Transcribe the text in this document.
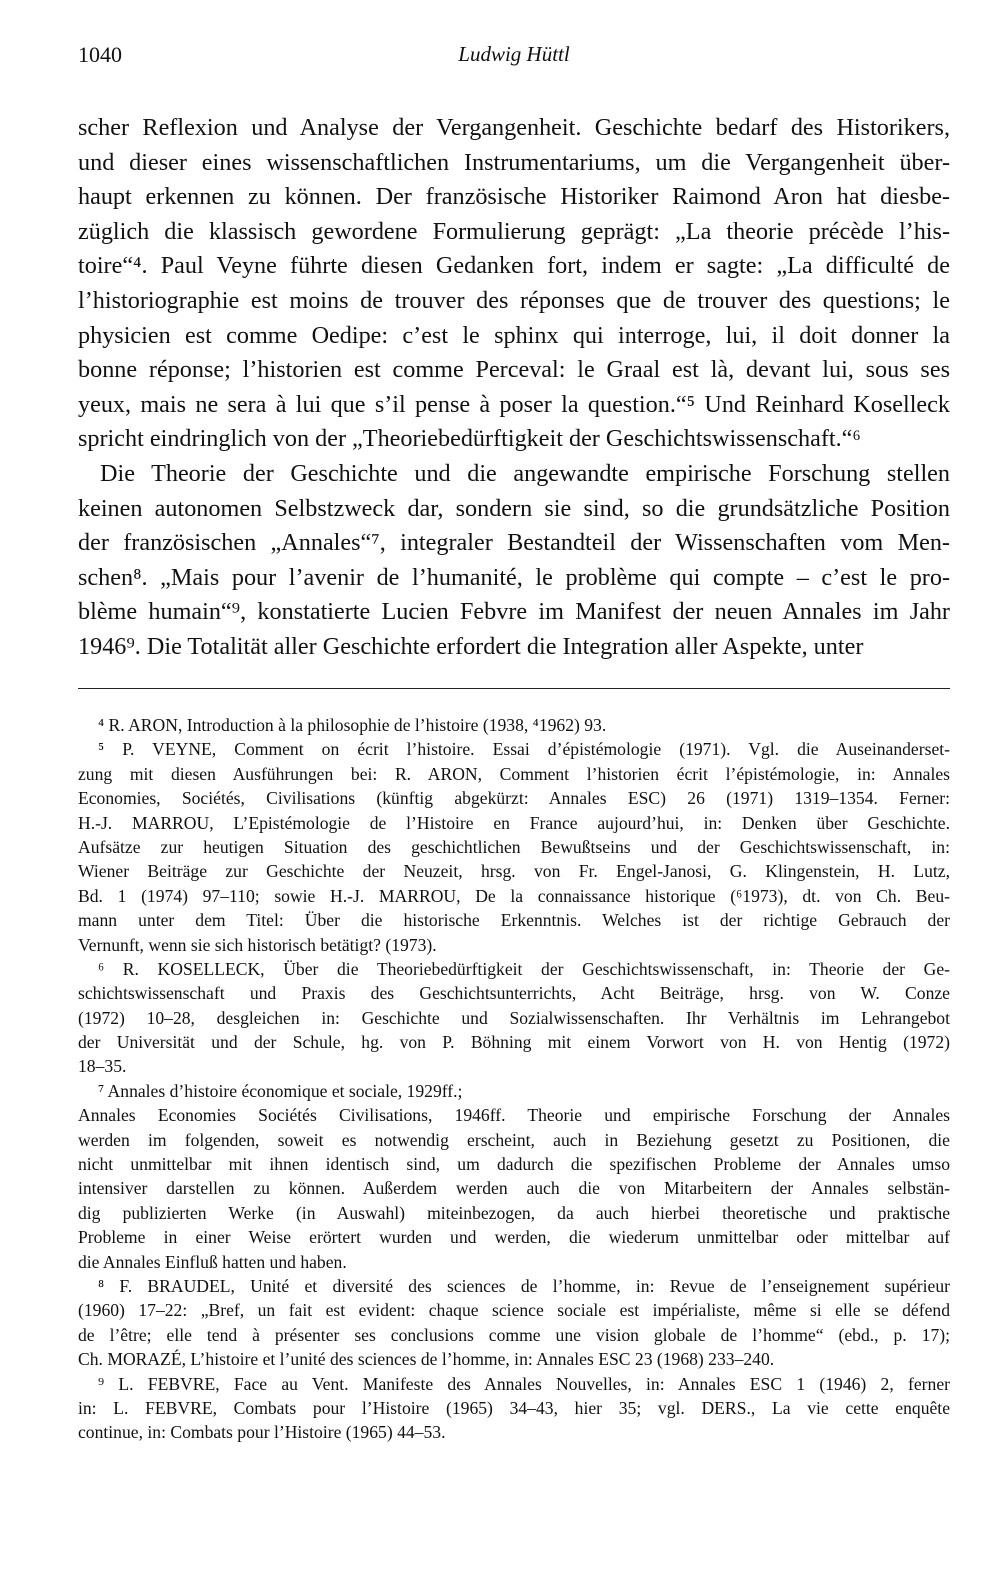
1040	Ludwig Hüttl
scher Reflexion und Analyse der Vergangenheit. Geschichte bedarf des Historikers,
und dieser eines wissenschaftlichen Instrumentariums, um die Vergangenheit über-
haupt erkennen zu können. Der französische Historiker Raimond Aron hat diesbe-
züglich die klassisch gewordene Formulierung geprägt: „La theorie précède l’his-
toire“⁴. Paul Veyne führte diesen Gedanken fort, indem er sagte: „La difficulté de
l’historiographie est moins de trouver des réponses que de trouver des questions; le
physicien est comme Oedipe: c’est le sphinx qui interroge, lui, il doit donner la
bonne réponse; l’historien est comme Perceval: le Graal est là, devant lui, sous ses
yeux, mais ne sera à lui que s’il pense à poser la question.“⁵ Und Reinhard Koselleck
spricht eindringlich von der „Theoriebedürftigkeit der Geschichtswissenschaft.“⁶
Die Theorie der Geschichte und die angewandte empirische Forschung stellen
keinen autonomen Selbstzweck dar, sondern sie sind, so die grundsätzliche Position
der französischen „Annales“⁷, integraler Bestandteil der Wissenschaften vom Men-
schen⁸. „Mais pour l’avenir de l’humanité, le problème qui compte – c’est le pro-
blème humain“⁹, konstatierte Lucien Febvre im Manifest der neuen Annales im Jahr
1946⁹. Die Totalität aller Geschichte erfordert die Integration aller Aspekte, unter
⁴ R. ARON, Introduction à la philosophie de l’histoire (1938, ⁴1962) 93.
⁵ P. VEYNE, Comment on écrit l’histoire. Essai d’épistémologie (1971). Vgl. die Auseinanderset-
zung mit diesen Ausführungen bei: R. ARON, Comment l’historien écrit l’épistémologie, in: Annales
Economies, Sociétés, Civilisations (künftig abgekürzt: Annales ESC) 26 (1971) 1319–1354. Ferner:
H.-J. MARROU, L’Epistémologie de l’Histoire en France aujourd’hui, in: Denken über Geschichte.
Aufsätze zur heutigen Situation des geschichtlichen Bewußtseins und der Geschichtswissenschaft, in:
Wiener Beiträge zur Geschichte der Neuzeit, hrsg. von Fr. Engel-Janosi, G. Klingenstein, H. Lutz,
Bd. 1 (1974) 97–110; sowie H.-J. MARROU, De la connaissance historique (⁶1973), dt. von Ch. Beu-
mann unter dem Titel: Über die historische Erkenntnis. Welches ist der richtige Gebrauch der
Vernunft, wenn sie sich historisch betätigt? (1973).
⁶ R. KOSELLECK, Über die Theoriebedürftigkeit der Geschichtswissenschaft, in: Theorie der Ge-
schichtswissenschaft und Praxis des Geschichtsunterrichts, Acht Beiträge, hrsg. von W. Conze
(1972) 10–28, desgleichen in: Geschichte und Sozialwissenschaften. Ihr Verhältnis im Lehrangebot
der Universität und der Schule, hg. von P. Böhning mit einem Vorwort von H. von Hentig (1972)
18–35.
⁷ Annales d’histoire économique et sociale, 1929ff.;
Annales Economies Sociétés Civilisations, 1946ff. Theorie und empirische Forschung der Annales
werden im folgenden, soweit es notwendig erscheint, auch in Beziehung gesetzt zu Positionen, die
nicht unmittelbar mit ihnen identisch sind, um dadurch die spezifischen Probleme der Annales umso
intensiver darstellen zu können. Außerdem werden auch die von Mitarbeitern der Annales selbstän-
dig publizierten Werke (in Auswahl) miteinbezogen, da auch hierbei theoretische und praktische
Probleme in einer Weise erörtert wurden und werden, die wiederum unmittelbar oder mittelbar auf
die Annales Einfluß hatten und haben.
⁸ F. BRAUDEL, Unité et diversité des sciences de l’homme, in: Revue de l’enseignement supérieur
(1960) 17–22: „Bref, un fait est evident: chaque science sociale est impérialiste, même si elle se défend
de l’être; elle tend à présenter ses conclusions comme une vision globale de l’homme“ (ebd., p. 17);
Ch. MORAZÉ, L’histoire et l’unité des sciences de l’homme, in: Annales ESC 23 (1968) 233–240.
⁹ L. FEBVRE, Face au Vent. Manifeste des Annales Nouvelles, in: Annales ESC 1 (1946) 2, ferner
in: L. FEBVRE, Combats pour l’Histoire (1965) 34–43, hier 35; vgl. DERS., La vie cette enquête
continue, in: Combats pour l’Histoire (1965) 44–53.
